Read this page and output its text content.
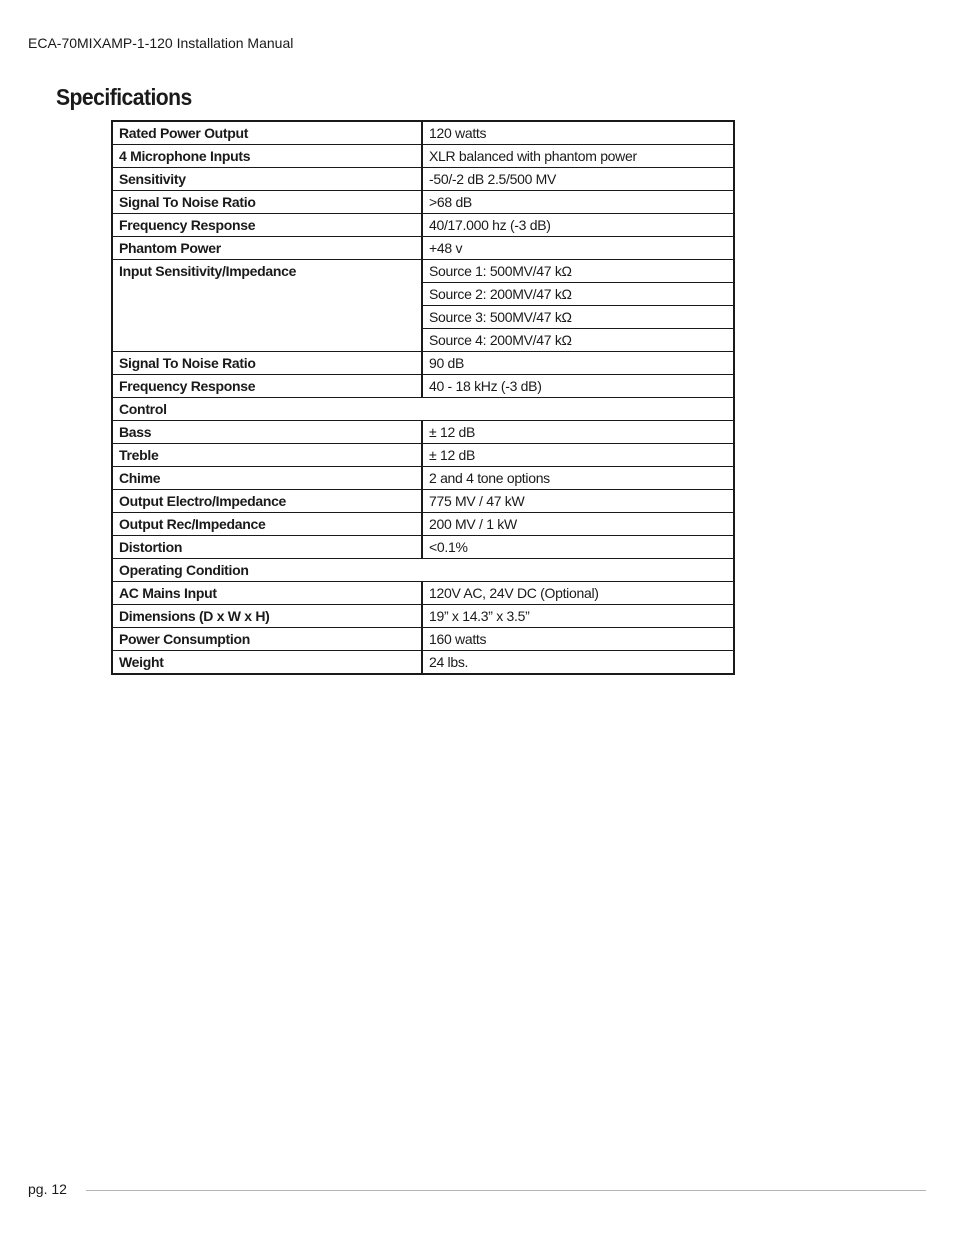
ECA-70MIXAMP-1-120 Installation Manual
Specifications
Rated Power Output	120 watts
4 Microphone Inputs	XLR balanced with phantom power
Sensitivity	-50/-2 dB 2.5/500 MV
Signal To Noise Ratio	>68 dB
Frequency Response	40/17.000 hz (-3 dB)
Phantom Power	+48 v
Input Sensitivity/Impedance	Source 1: 500MV/47 kΩ
	Source 2: 200MV/47 kΩ
	Source 3: 500MV/47 kΩ
	Source 4: 200MV/47 kΩ
Signal To Noise Ratio	90 dB
Frequency Response	40 - 18 kHz (-3 dB)
Control	
Bass	± 12 dB
Treble	± 12 dB
Chime	2 and 4 tone options
Output Electro/Impedance	775 MV / 47 kW
Output Rec/Impedance	200 MV / 1 kW
Distortion	<0.1%
Operating Condition	
AC Mains Input	120V AC, 24V DC (Optional)
Dimensions (D x W x H)	19” x 14.3” x 3.5”
Power Consumption	160 watts
Weight	24 lbs.
pg. 12
